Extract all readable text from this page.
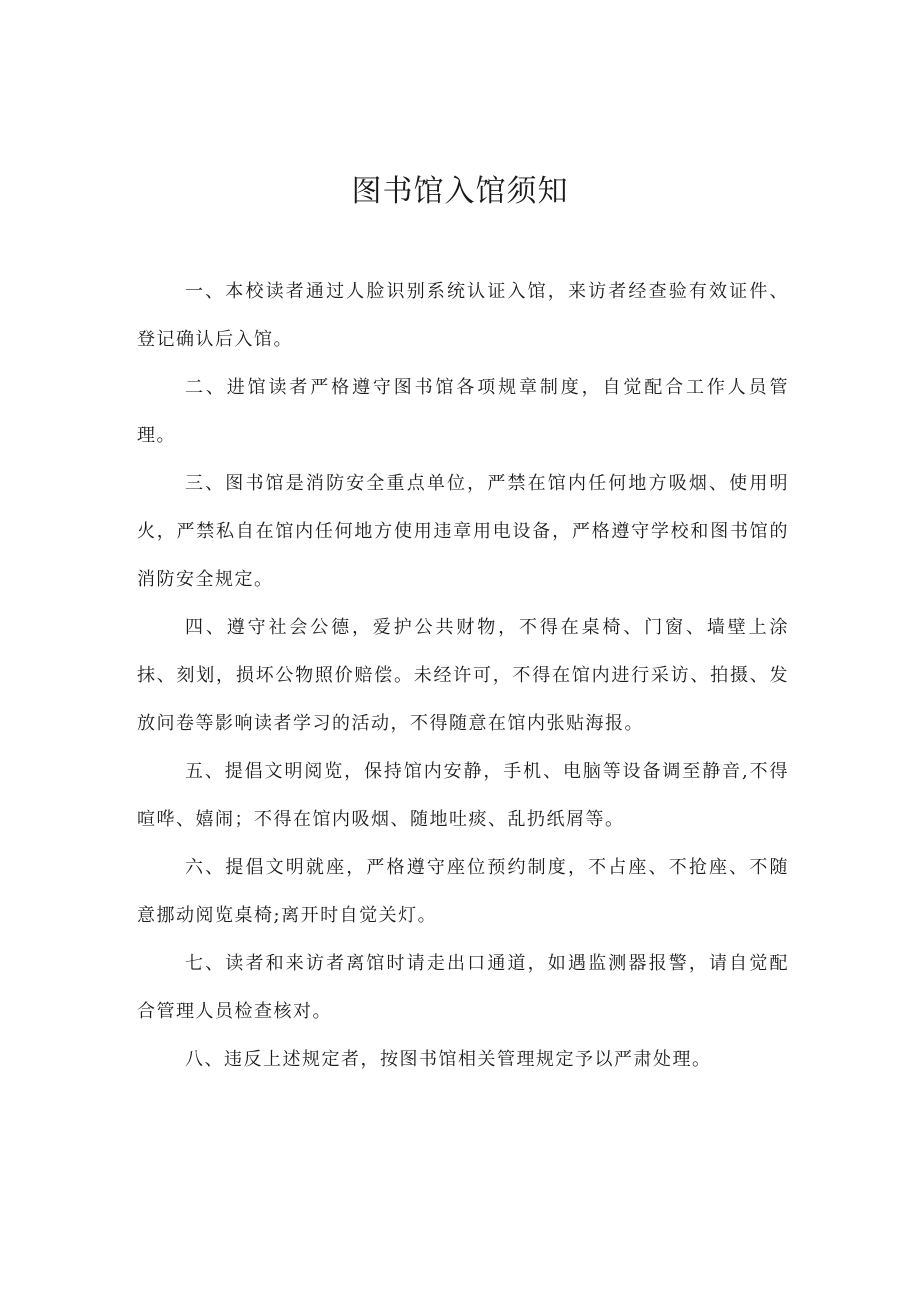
图书馆入馆须知

一、本校读者通过人脸识别系统认证入馆，来访者经查验有效证件、登记确认后入馆。

二、进馆读者严格遵守图书馆各项规章制度，自觉配合工作人员管理。

三、图书馆是消防安全重点单位，严禁在馆内任何地方吸烟、使用明火，严禁私自在馆内任何地方使用违章用电设备，严格遵守学校和图书馆的消防安全规定。

四、遵守社会公德，爱护公共财物，不得在桌椅、门窗、墙壁上涂抹、刻划，损坏公物照价赔偿。未经许可，不得在馆内进行采访、拍摄、发放问卷等影响读者学习的活动，不得随意在馆内张贴海报。

五、提倡文明阅览，保持馆内安静，手机、电脑等设备调至静音,不得喧哗、嬉闹；不得在馆内吸烟、随地吐痰、乱扔纸屑等。

六、提倡文明就座，严格遵守座位预约制度，不占座、不抢座、不随意挪动阅览桌椅;离开时自觉关灯。

七、读者和来访者离馆时请走出口通道，如遇监测器报警，请自觉配合管理人员检查核对。

八、违反上述规定者，按图书馆相关管理规定予以严肃处理。
